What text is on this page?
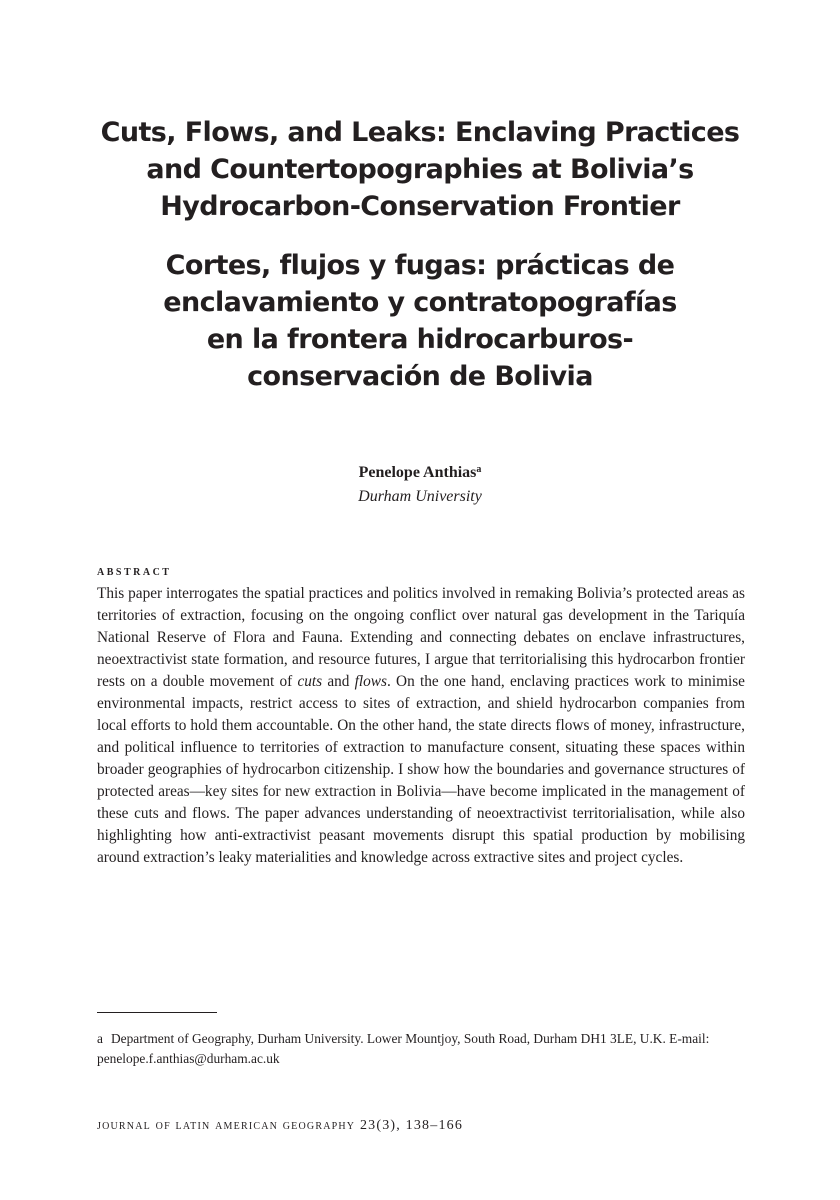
Cuts, Flows, and Leaks: Enclaving Practices
and Countertopographies at Bolivia’s
Hydrocarbon-Conservation Frontier
Cortes, flujos y fugas: prácticas de
enclavamiento y contratopografías
en la frontera hidrocarburos-
conservación de Bolivia
Penelope Anthias$^a$
Durham University
abstract

This paper interrogates the spatial practices and politics involved in remaking Bolivia’s protected areas as territories of extraction, focusing on the ongoing conflict over natural gas development in the Tariquía National Reserve of Flora and Fauna. Extending and connecting debates on enclave infrastructures, neoextractivist state formation, and resource futures, I argue that territorialising this hydrocarbon frontier rests on a double movement of cuts and flows. On the one hand, enclaving practices work to minimise environmental impacts, restrict access to sites of extraction, and shield hydrocarbon companies from local efforts to hold them accountable. On the other hand, the state directs flows of money, infrastructure, and political influence to territories of extraction to manufacture consent, situating these spaces within broader geographies of hydrocarbon citizenship. I show how the boundaries and governance structures of protected areas—key sites for new extraction in Bolivia—have become implicated in the management of these cuts and flows. The paper advances understanding of neoextractivist territorialisation, while also highlighting how anti-extractivist peasant movements disrupt this spatial production by mobilising around extraction’s leaky materialities and knowledge across extractive sites and project cycles.

a Department of Geography, Durham University. Lower Mountjoy, South Road, Durham DH1 3LE, U.K. E-mail: penelope.f.anthias@durham.ac.uk
journal of latin american geography 23(3), 138–166
